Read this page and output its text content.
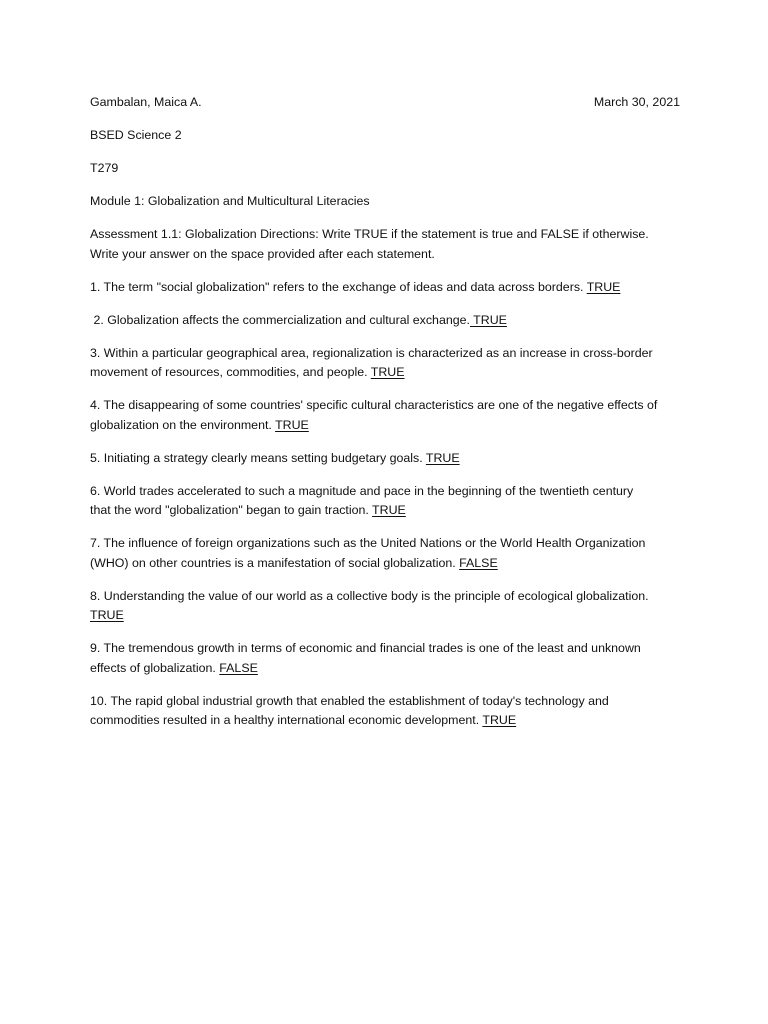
Gambalan, Maica A.	March 30, 2021

BSED Science 2

T279

Module 1: Globalization and Multicultural Literacies

Assessment 1.1: Globalization Directions: Write TRUE if the statement is true and FALSE if otherwise.
Write your answer on the space provided after each statement.
1. The term "social globalization" refers to the exchange of ideas and data across borders. TRUE
2. Globalization affects the commercialization and cultural exchange. TRUE
3. Within a particular geographical area, regionalization is characterized as an increase in cross-border
movement of resources, commodities, and people. TRUE
4. The disappearing of some countries' specific cultural characteristics are one of the negative effects of
globalization on the environment. TRUE
5. Initiating a strategy clearly means setting budgetary goals. TRUE
6. World trades accelerated to such a magnitude and pace in the beginning of the twentieth century
that the word "globalization" began to gain traction. TRUE
7. The influence of foreign organizations such as the United Nations or the World Health Organization
(WHO) on other countries is a manifestation of social globalization. FALSE
8. Understanding the value of our world as a collective body is the principle of ecological globalization.
TRUE
9. The tremendous growth in terms of economic and financial trades is one of the least and unknown
effects of globalization. FALSE
10. The rapid global industrial growth that enabled the establishment of today's technology and
commodities resulted in a healthy international economic development. TRUE
